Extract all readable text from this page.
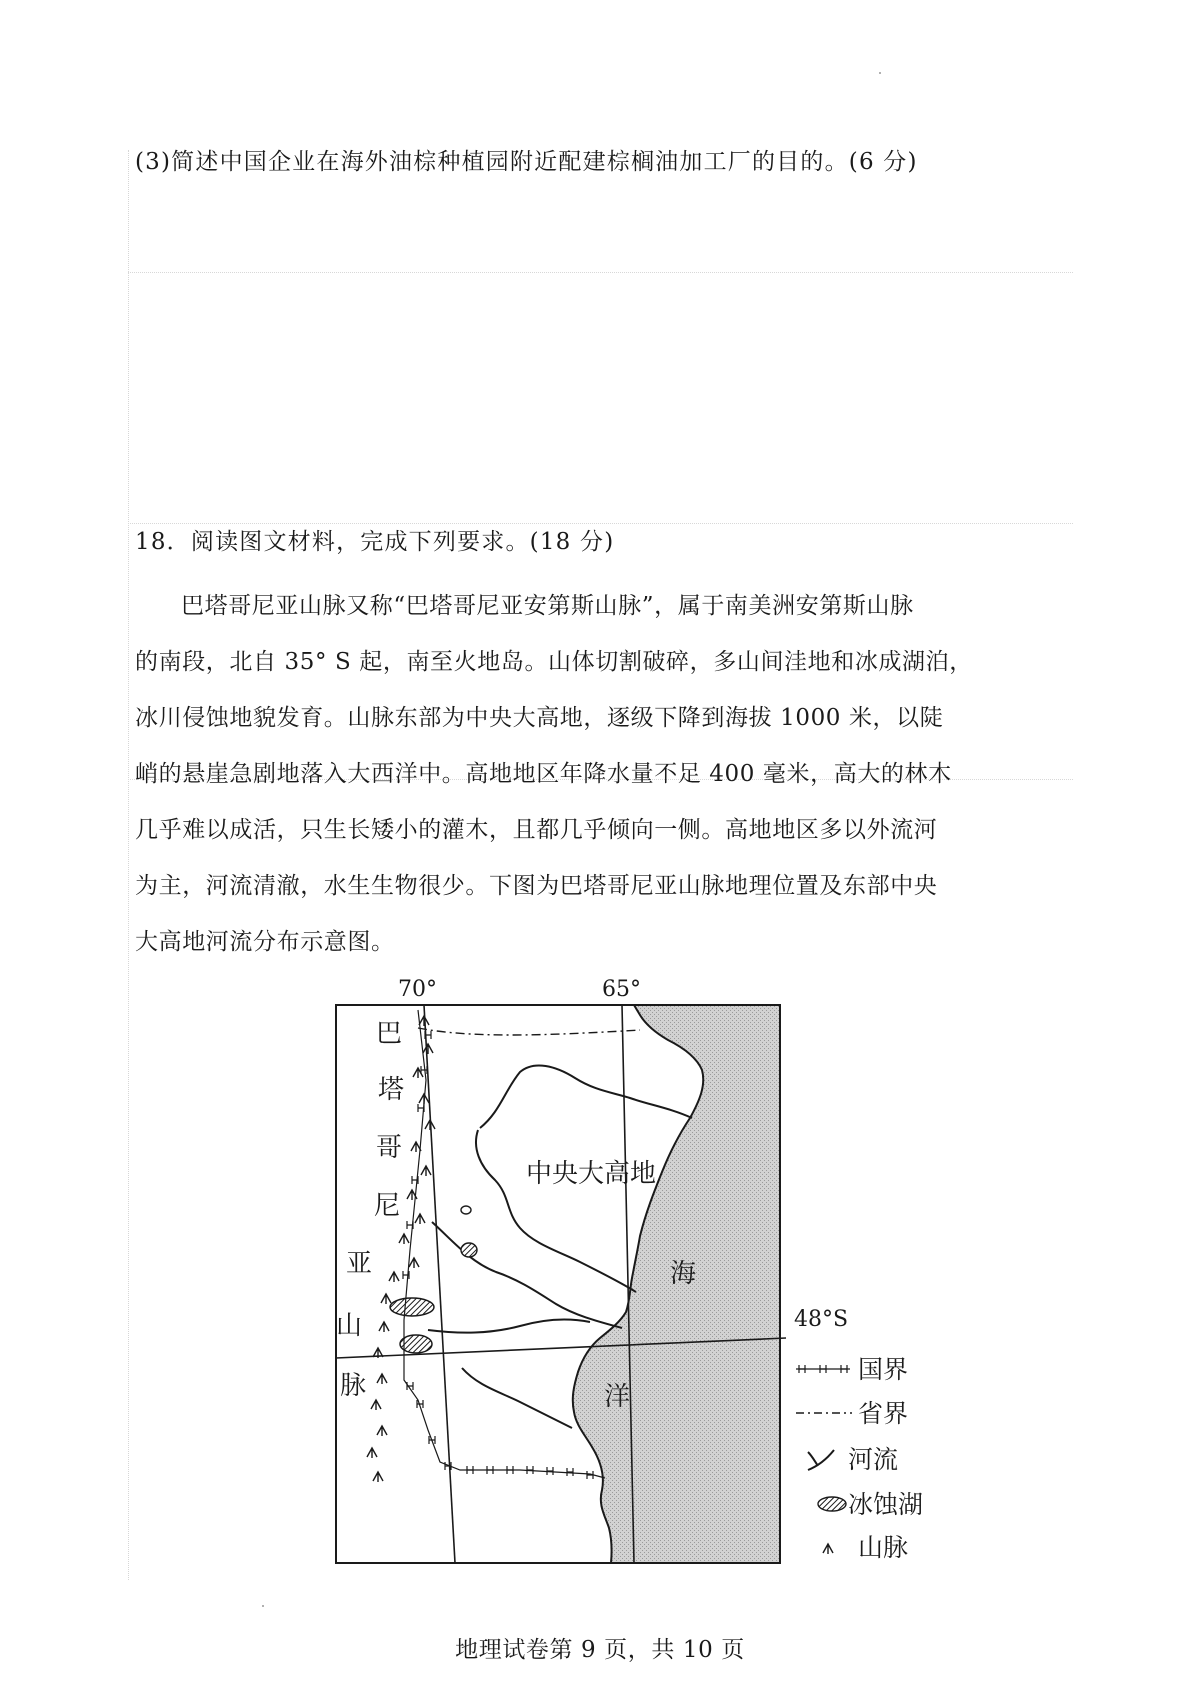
(3)简述中国企业在海外油棕种植园附近配建棕榈油加工厂的目的。(6 分)
18．阅读图文材料，完成下列要求。(18 分)
巴塔哥尼亚山脉又称“巴塔哥尼亚安第斯山脉”，属于南美洲安第斯山脉
的南段，北自 35° S 起，南至火地岛。山体切割破碎，多山间洼地和冰成湖泊，
冰川侵蚀地貌发育。山脉东部为中央大高地，逐级下降到海拔 1000 米，以陡
峭的悬崖急剧地落入大西洋中。高地地区年降水量不足 400 毫米，高大的林木
几乎难以成活，只生长矮小的灌木，且都几乎倾向一侧。高地地区多以外流河
为主，河流清澈，水生生物很少。下图为巴塔哥尼亚山脉地理位置及东部中央
大高地河流分布示意图。
70°	65°
48°S
巴
塔
哥
尼
亚
山
脉
中央大高地
海
洋
国界
省界
河流
冰蚀湖
山脉
地理试卷第 9 页，共 10 页
